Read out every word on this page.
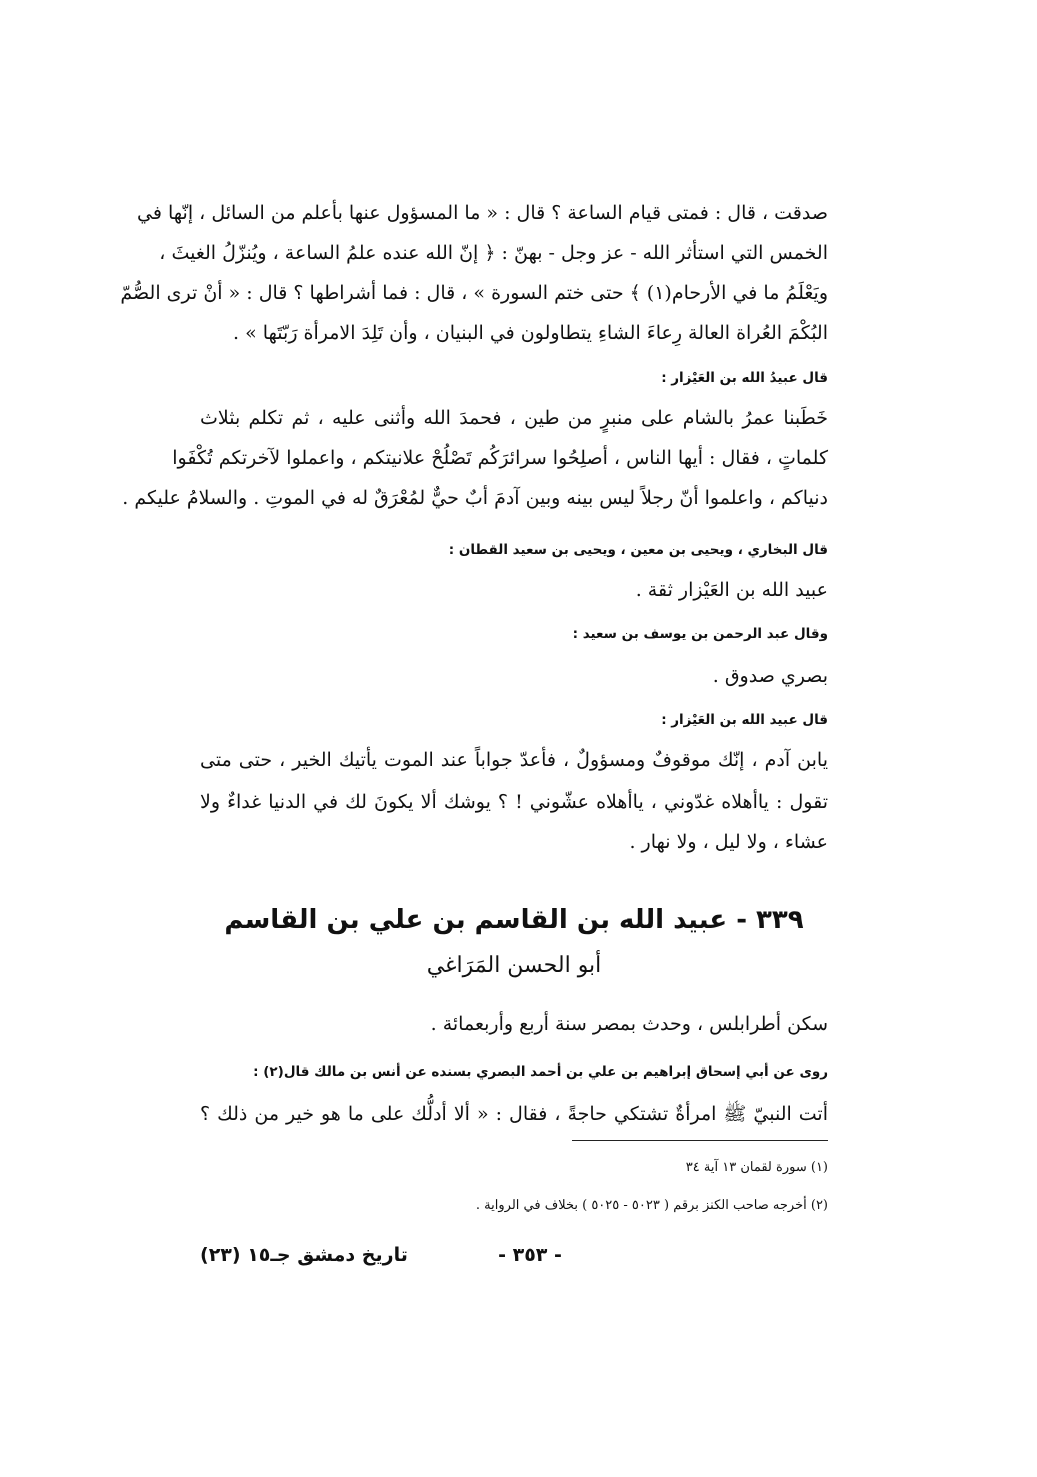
صدقت ، قال : فمتى قيام الساعة ؟ قال : « ما المسؤول عنها بأعلم من السائل ، إنّها في
الخمس التي استأثر الله - عز وجل - بهنّ : ﴿ إنّ الله عنده علمُ الساعة ، ويُنزّلُ الغيثَ ،
ويَعْلَمُ ما في الأرحام(١) ﴾ حتى ختم السورة » ، قال : فما أشراطها ؟ قال : « أنْ ترى الصُّمّ
البُكْمَ العُراة العالة رِعاءَ الشاءِ يتطاولون في البنيان ، وأن تَلِدَ الامرأة رَبّتَها » .
قال عبيدُ الله بن العَيْزار :
خَطَبنا عمرُ بالشام على منبرٍ من طين ، فحمدَ الله وأثنى عليه ، ثم تكلم بثلاث
كلماتٍ ، فقال : أيها الناس ، أصلِحُوا سرائرَكُم تَصْلُحْ علانيتكم ، واعملوا لآخرتكم تُكْفَوا
دنياكم ، واعلموا أنّ رجلاً ليس بينه وبين آدمَ أبٌ حيٌّ لمُعْرَقٌ له في الموتِ . والسلامُ عليكم .
قال البخاري ، ويحيى بن معين ، ويحيى بن سعيد القطان :
عبيد الله بن العَيْزار ثقة .
وقال عبد الرحمن بن يوسف بن سعيد :
بصري صدوق .
قال عبيد الله بن العَيْزار :
يابن آدم ، إنّك موقوفٌ ومسؤولٌ ، فأعدّ جواباً عند الموت يأتيك الخير ، حتى متى
تقول : ياأهلاه غدّوني ، ياأهلاه عشّوني ! ؟ يوشك ألا يكونَ لك في الدنيا غداءٌ ولا
عشاء ، ولا ليل ، ولا نهار .
٣٣٩ - عبيد الله بن القاسم بن علي بن القاسم
أبو الحسن المَرَاغي
سكن أطرابلس ، وحدث بمصر سنة أربع وأربعمائة .
روى عن أبي إسحاق إبراهيم بن علي بن أحمد البصري بسنده عن أنس بن مالك قال(٢) :
أتت النبيّ ﷺ امرأةٌ تشتكي حاجةً ، فقال : « ألا أدلُّك على ما هو خير من ذلك ؟
(١) سورة لقمان ١٣ آية ٣٤
(٢) أخرجه صاحب الكنز برقم ( ٥٠٢٣ - ٥٠٢٥ ) بخلاف في الرواية .
- ٣٥٣ -
تاريخ دمشق جـ١٥ (٢٣)
